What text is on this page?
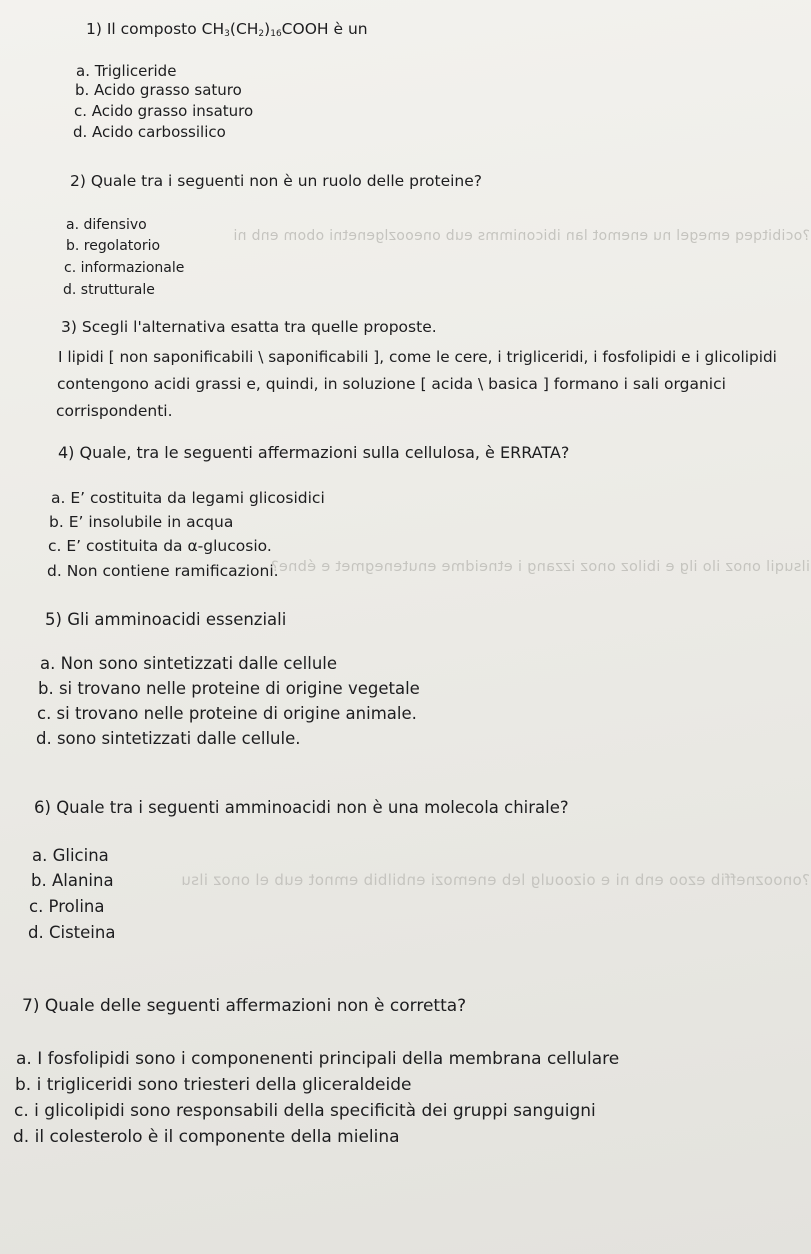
?ocibitqeq emegel nu enemot lan ibiconimms eub oneoozlgenetni obom enb ni
ilsuqil onoz ilo ilg e ibiloz onoz izzang i etneidme enutenegmet e ébne?
?onoozneffib ezoo enb ni e oizooulg leb enemozi enbilbib emnot eub el onoz ilsu
1) Il composto $CH_3(CH_2)_{16}COOH$ è un
a. Trigliceride
b. Acido grasso saturo
c. Acido grasso insaturo
d. Acido carbossilico
2) Quale tra i seguenti non è un ruolo delle proteine?
a. difensivo
b. regolatorio
c. informazionale
d. strutturale
3) Scegli l'alternativa esatta tra quelle proposte.
I lipidi [ non saponificabili \ saponificabili ], come le cere, i trigliceridi, i fosfolipidi e i glicolipidi
contengono acidi grassi e, quindi, in soluzione [ acida \ basica ] formano i sali organici
corrispondenti.
4) Quale, tra le seguenti affermazioni sulla cellulosa, è ERRATA?
a. E’ costituita da legami glicosidici
b. E’ insolubile in acqua
c. E’ costituita da α-glucosio.
d. Non contiene ramificazioni.
5) Gli amminoacidi essenziali
a. Non sono sintetizzati dalle cellule
b. si trovano nelle proteine di origine vegetale
c. si trovano nelle proteine di origine animale.
d. sono sintetizzati dalle cellule.
6) Quale tra i seguenti amminoacidi non è una molecola chirale?
a. Glicina
b. Alanina
c. Prolina
d. Cisteina
7) Quale delle seguenti affermazioni non è corretta?
a. I fosfolipidi sono i componenenti principali della membrana cellulare
b. i trigliceridi sono triesteri della gliceraldeide
c. i glicolipidi sono responsabili della specificità dei gruppi sanguigni
d. il colesterolo è il componente della mielina
